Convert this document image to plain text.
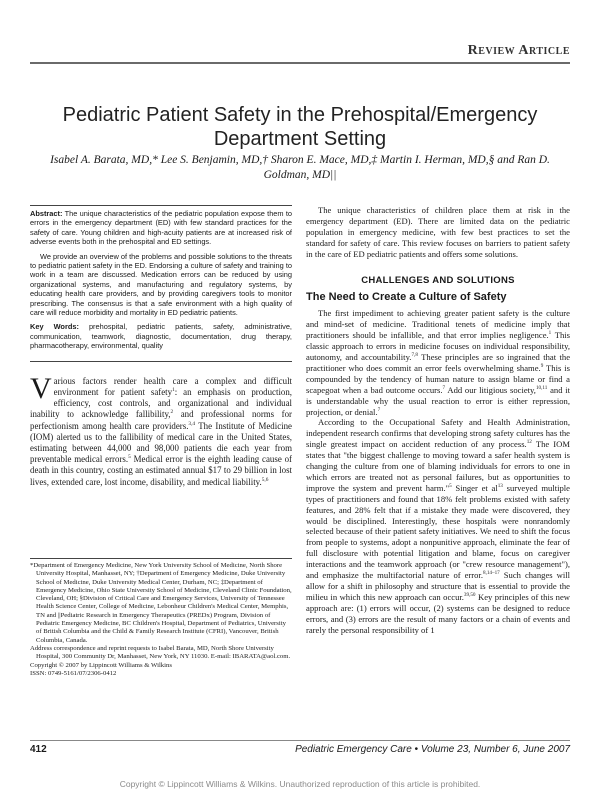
Review Article
Pediatric Patient Safety in the Prehospital/Emergency Department Setting
Isabel A. Barata, MD,* Lee S. Benjamin, MD,† Sharon E. Mace, MD,‡ Martin I. Herman, MD,§ and Ran D. Goldman, MD||

Abstract: The unique characteristics of the pediatric population expose them to errors in the emergency department (ED) with few standard practices for the safety of care. Young children and high-acuity patients are at increased risk of adverse events both in the prehospital and ED settings.

We provide an overview of the problems and possible solutions to the threats to pediatric patient safety in the ED. Endorsing a culture of safety and training to work in a team are discussed. Medication errors can be reduced by using organizational systems, and manufacturing and regulatory systems, by educating health care providers, and by providing caregivers tools to monitor prescribing. The consensus is that a safe environment with a high quality of care will reduce morbidity and mortality in ED pediatric patients.

Key Words: prehospital, pediatric patients, safety, administrative, communication, teamwork, diagnostic, documentation, drug therapy, pharmacotherapy, environmental, quality

Various factors render health care a complex and difficult environment for patient safety$^1$: an emphasis on production, efficiency, cost controls, and organizational and individual inability to acknowledge fallibility,$^2$ and professional norms for perfectionism among health care providers.$^{3,4}$ The Institute of Medicine (IOM) alerted us to the fallibility of medical care in the United States, estimating between 44,000 and 98,000 patients die each year from preventable medical errors.$^5$ Medical error is the eighth leading cause of death in this country, costing an estimated annual $17 to 29 billion in lost lives, extended care, lost income, disability, and medical liability.$^{5,6}$

*Department of Emergency Medicine, New York University School of Medicine, North Shore University Hospital, Manhasset, NY; †Department of Emergency Medicine, Duke University School of Medicine, Duke University Medical Center, Durham, NC; ‡Department of Emergency Medicine, Ohio State University School of Medicine, Cleveland Clinic Foundation, Cleveland, OH; §Division of Critical Care and Emergency Services, University of Tennessee Health Science Center, College of Medicine, Lebonheur Children's Medical Center, Memphis, TN and ||Pediatric Research in Emergency Therapeutics (PREDx) Program, Division of Pediatric Emergency Medicine, BC Children's Hospital, Department of Pediatrics, University of British Columbia and the Child & Family Research Institute (CFRI), Vancouver, British Columbia, Canada.

Address correspondence and reprint requests to Isabel Barata, MD, North Shore University Hospital, 300 Community Dr, Manhasset, New York, NY 11030. E-mail: IBARATA@aol.com.

Copyright © 2007 by Lippincott Williams & Wilkins

ISSN: 0749-5161/07/2306-0412

The unique characteristics of children place them at risk in the emergency department (ED). There are limited data on the pediatric population in emergency medicine, with few best practices to set the standard for safety of care. This review focuses on barriers to patient safety in the care of ED pediatric patients and offers some solutions.

CHALLENGES AND SOLUTIONS
The Need to Create a Culture of Safety

The first impediment to achieving greater patient safety is the culture and mind-set of medicine. Traditional tenets of medicine imply that practitioners should be infallible, and that error implies negligence.$^1$ This classic approach to errors in medicine focuses on individual responsibility, autonomy, and accountability.$^{7,8}$ These principles are so ingrained that the practitioner who does commit an error feels overwhelming shame.$^9$ This is compounded by the tendency of human nature to assign blame or find a scapegoat when a bad outcome occurs.$^7$ Add our litigious society,$^{10,11}$ and it is understandable why the usual reaction to error is either repression, projection, or denial.$^7$

According to the Occupational Safety and Health Administration, independent research confirms that developing strong safety cultures has the single greatest impact on accident reduction of any process.$^{12}$ The IOM states that "the biggest challenge to moving toward a safer health system is changing the culture from one of blaming individuals for errors to one in which errors are treated not as personal failures, but as opportunities to improve the system and prevent harm."$^5$ Singer et $al^{13}$ surveyed multiple types of practitioners and found that 18% felt problems existed with safety features, and 28% felt that if a mistake they made were discovered, they would be disciplined. Interestingly, these hospitals were nonrandomly selected because of their patient safety initiatives. We need to shift the focus from people to systems, adopt a nonpunitive approach, eliminate the fear of full disclosure with potential litigation and blame, focus on caregiver interactions and the teamwork approach (or "crew resource management"), and emphasize the multifactorial nature of error.$^{8,14-17}$ Such changes will allow for a shift in philosophy and structure that is essential to provide the milieu in which this new approach can occur.$^{39,50}$ Key principles of this new approach are: (1) errors will occur, (2) systems can be designed to reduce errors, and (3) errors are the result of many factors or a chain of events and rarely the personal responsibility of 1

412	Pediatric Emergency Care • Volume 23, Number 6, June 2007
Copyright © Lippincott Williams & Wilkins. Unauthorized reproduction of this article is prohibited.
